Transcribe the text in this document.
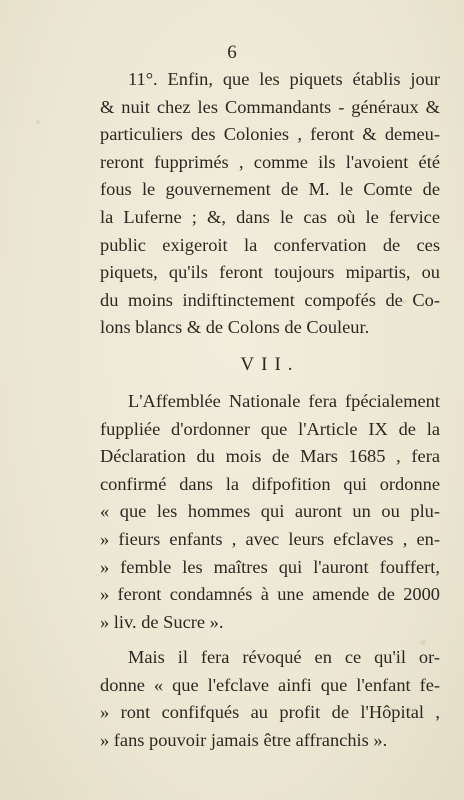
6
11°. Enfin, que les piquets établis jour
& nuit chez les Commandants - généraux &
particuliers des Colonies , feront & demeu-
reront fupprimés , comme ils l'avoient été
fous le gouvernement de M. le Comte de
la Luferne ; &, dans le cas où le fervice
public exigeroit la confervation de ces
piquets, qu'ils feront toujours mipartis, ou
du moins indiftinctement compofés de Co-
lons blancs & de Colons de Couleur.
VII.
L'Affemblée Nationale fera fpécialement
fuppliée d'ordonner que l'Article IX de la
Déclaration du mois de Mars 1685 , fera
confirmé dans la difpofition qui ordonne
« que les hommes qui auront un ou plu-
» fieurs enfants , avec leurs efclaves , en-
» femble les maîtres qui l'auront fouffert,
» feront condamnés à une amende de 2000
» liv. de Sucre ».
Mais il fera révoqué en ce qu'il or-
donne « que l'efclave ainfi que l'enfant fe-
» ront confifqués au profit de l'Hôpital ,
» fans pouvoir jamais être affranchis ».
